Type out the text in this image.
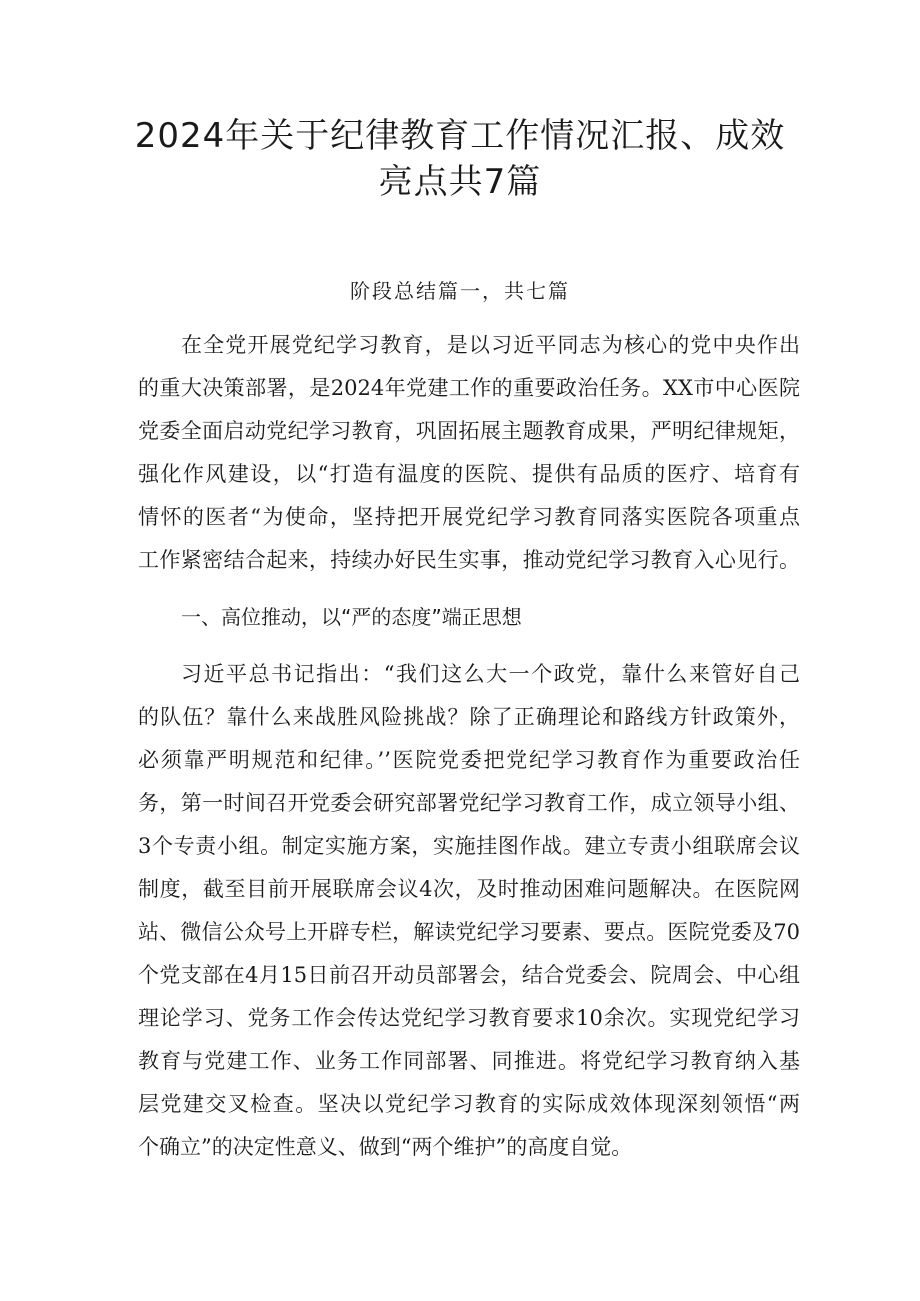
2024年关于纪律教育工作情况汇报、成效
亮点共7篇
阶段总结篇一，共七篇
在全党开展党纪学习教育，是以习近平同志为核心的党中央作出
的重大决策部署，是2024年党建工作的重要政治任务。XX市中心医院
党委全面启动党纪学习教育，巩固拓展主题教育成果，严明纪律规矩，
强化作风建设，以“打造有温度的医院、提供有品质的医疗、培育有
情怀的医者“为使命，坚持把开展党纪学习教育同落实医院各项重点
工作紧密结合起来，持续办好民生实事，推动党纪学习教育入心见行。
一、高位推动，以“严的态度”端正思想
习近平总书记指出：“我们这么大一个政党，靠什么来管好自己
的队伍？靠什么来战胜风险挑战？除了正确理论和路线方针政策外，
必须靠严明规范和纪律。’’医院党委把党纪学习教育作为重要政治任
务，第一时间召开党委会研究部署党纪学习教育工作，成立领导小组、
3个专责小组。制定实施方案，实施挂图作战。建立专责小组联席会议
制度，截至目前开展联席会议4次，及时推动困难问题解决。在医院网
站、微信公众号上开辟专栏，解读党纪学习要素、要点。医院党委及70
个党支部在4月15日前召开动员部署会，结合党委会、院周会、中心组
理论学习、党务工作会传达党纪学习教育要求10余次。实现党纪学习
教育与党建工作、业务工作同部署、同推进。将党纪学习教育纳入基
层党建交叉检查。坚决以党纪学习教育的实际成效体现深刻领悟“两
个确立”的决定性意义、做到“两个维护”的高度自觉。
